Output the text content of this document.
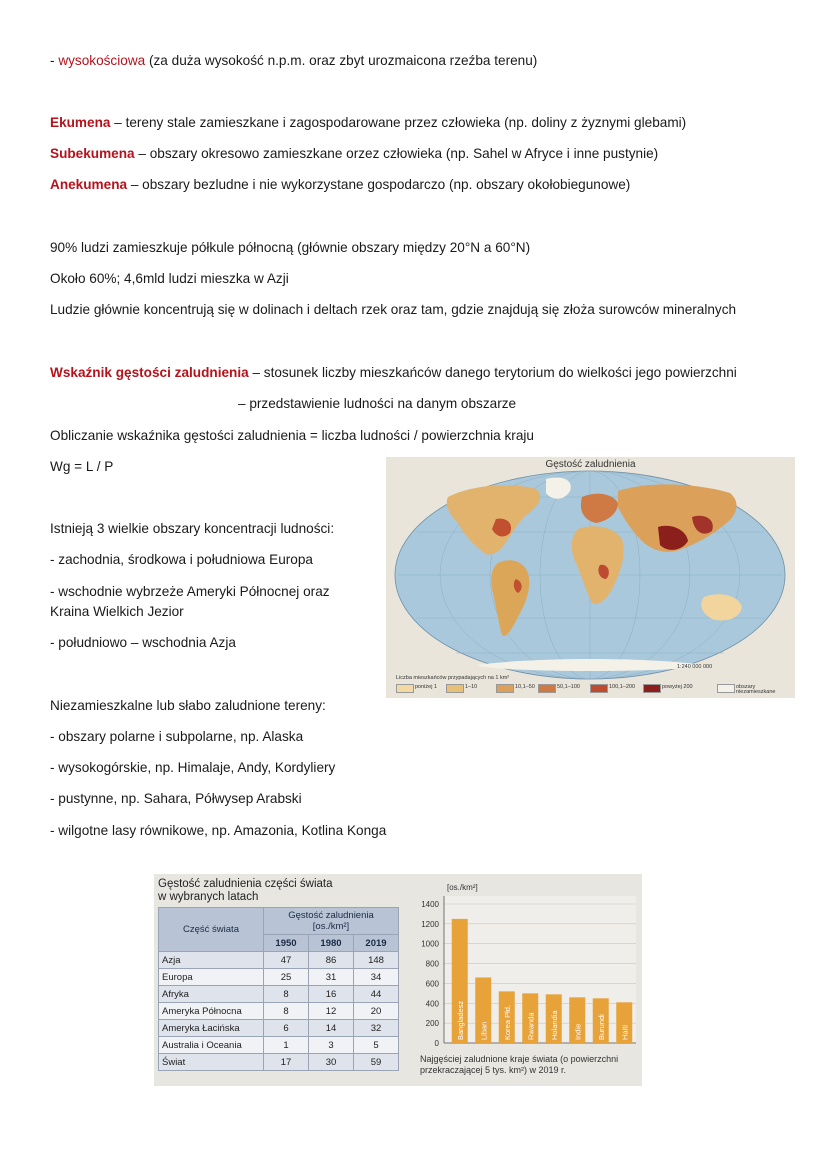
- wysokościowa (za duża wysokość n.p.m. oraz zbyt urozmaicona rzeźba terenu)
Ekumena – tereny stale zamieszkane i zagospodarowane przez człowieka (np. doliny z żyznymi glebami)
Subekumena – obszary okresowo zamieszkane orzez człowieka (np. Sahel w Afryce i inne pustynie)
Anekumena – obszary bezludne i nie wykorzystane gospodarczo (np. obszary okołobiegunowe)
90% ludzi zamieszkuje półkule północną (głównie obszary między 20°N a 60°N)
Około 60%; 4,6mld ludzi mieszka w Azji
Ludzie głównie koncentrują się w dolinach i deltach rzek oraz tam, gdzie znajdują się złoża surowców mineralnych
Wskaźnik gęstości zaludnienia – stosunek liczby mieszkańców danego terytorium do wielkości jego powierzchni
– przedstawienie ludności na danym obszarze
Obliczanie wskaźnika gęstości zaludnienia = liczba ludności / powierzchnia kraju
Wg = L / P
Istnieją 3 wielkie obszary koncentracji ludności:
- zachodnia, środkowa i południowa Europa
- wschodnie wybrzeże Ameryki Północnej oraz
Kraina Wielkich Jezior
- południowo – wschodnia Azja
Niezamieszkalne lub słabo zaludnione tereny:
- obszary polarne i subpolarne, np. Alaska
- wysokogórskie, np. Himalaje, Andy, Kordyliery
- pustynne, np. Sahara, Półwysep Arabski
- wilgotne lasy równikowe, np. Amazonia, Kotlina Konga
Gęstość zaludnienia
1:240 000 000
Liczba mieszkańców przypadających na 1 km²
poniżej 1	1–10	10,1–50	50,1–100	100,1–200	powyżej 200	obszary niezamieszkane
Gęstość zaludnienia części świata
w wybranych latach
Część świata	Gęstość zaludnienia
[os./km²]		

	1950	1980	2019
Azja	47	86	148
Europa	25	31	34
Afryka	8	16	44
Ameryka Północna	8	12	20
Ameryka Łacińska	6	14	32
Australia i Oceania	1	3	5
Świat	17	30	59
0
200
400
600
800
1000
1200
1400
[os./km²]
Bangladesz Liban Korea Płd. Rwanda Holandia Indie Burundi Haiti
Najgęściej zaludnione kraje świata (o powierzchni
przekraczającej 5 tys. km²) w 2019 r.
